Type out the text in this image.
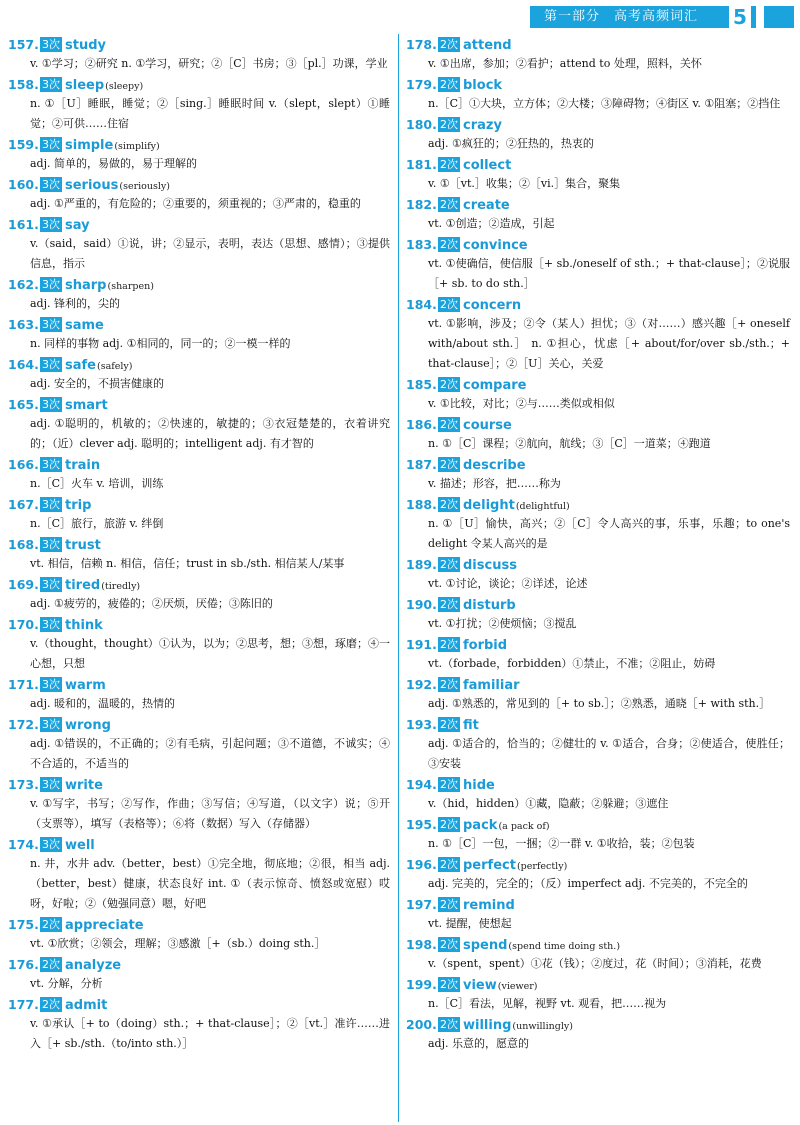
第一部分　高考高频词汇	5
157. 3次 study
v. ①学习；②研究 n. ①学习，研究；②［C］书房；③［pl.］功课，学业
158. 3次 sleep(sleepy)
n. ①［U］睡眠，睡觉；②［sing.］睡眠时间 v.（slept，slept）①睡觉；②可供……住宿
159. 3次 simple(simplify)
adj. 简单的，易做的，易于理解的
160. 3次 serious(seriously)
adj. ①严重的，有危险的；②重要的，须重视的；③严肃的，稳重的
161. 3次 say
v.（said，said）①说，讲；②显示，表明，表达（思想、感情）；③提供信息，指示
162. 3次 sharp(sharpen)
adj. 锋利的，尖的
163. 3次 same
n. 同样的事物 adj. ①相同的，同一的；②一模一样的
164. 3次 safe(safely)
adj. 安全的，不损害健康的
165. 3次 smart
adj. ①聪明的，机敏的；②快速的，敏捷的；③衣冠楚楚的，衣着讲究的；（近）clever adj. 聪明的；intelligent adj. 有才智的
166. 3次 train
n.［C］火车 v. 培训，训练
167. 3次 trip
n.［C］旅行，旅游 v. 绊倒
168. 3次 trust
vt. 相信，信赖 n. 相信，信任；trust in sb./sth. 相信某人/某事
169. 3次 tired(tiredly)
adj. ①疲劳的，疲倦的；②厌烦，厌倦；③陈旧的
170. 3次 think
v.（thought，thought）①认为，以为；②思考，想；③想，琢磨；④一心想，只想
171. 3次 warm
adj. 暖和的，温暖的，热情的
172. 3次 wrong
adj. ①错误的，不正确的；②有毛病，引起问题；③不道德，不诚实；④不合适的，不适当的
173. 3次 write
v. ①写字，书写；②写作，作曲；③写信；④写道，（以文字）说；⑤开（支票等），填写（表格等）；⑥将（数据）写入（存储器）
174. 3次 well
n. 井，水井 adv.（better，best）①完全地，彻底地；②很，相当 adj.（better，best）健康，状态良好 int. ①（表示惊奇、愤怒或宽慰）哎呀，好啦；②（勉强同意）嗯，好吧
175. 2次 appreciate
vt. ①欣赏；②领会，理解；③感激［+（sb.）doing sth.］
176. 2次 analyze
vt. 分解，分析
177. 2次 admit
v. ①承认［+ to（doing）sth.；+ that-clause］；②［vt.］准许……进入［+ sb./sth.（to/into sth.）］
178. 2次 attend
v. ①出席，参加；②看护；attend to 处理，照料，关怀
179. 2次 block
n.［C］①大块，立方体；②大楼；③障碍物；④街区 v. ①阻塞；②挡住
180. 2次 crazy
adj. ①疯狂的；②狂热的，热衷的
181. 2次 collect
v. ①［vt.］收集；②［vi.］集合，聚集
182. 2次 create
vt. ①创造；②造成，引起
183. 2次 convince
vt. ①使确信，使信服［+ sb./oneself of sth.；+ that-clause］；②说服［+ sb. to do sth.］
184. 2次 concern
vt. ①影响，涉及；②令（某人）担忧；③（对……）感兴趣［+ oneself with/about sth.］ n. ①担心，忧虑［+ about/for/over sb./sth.；+ that-clause］；②［U］关心，关爱
185. 2次 compare
v. ①比较，对比；②与……类似或相似
186. 2次 course
n. ①［C］课程；②航向，航线；③［C］一道菜；④跑道
187. 2次 describe
v. 描述；形容，把……称为
188. 2次 delight(delightful)
n. ①［U］愉快，高兴；②［C］令人高兴的事，乐事，乐趣；to one's delight 令某人高兴的是
189. 2次 discuss
vt. ①讨论，谈论；②详述，论述
190. 2次 disturb
vt. ①打扰；②使烦恼；③搅乱
191. 2次 forbid
vt.（forbade，forbidden）①禁止，不准；②阻止，妨碍
192. 2次 familiar
adj. ①熟悉的，常见到的［+ to sb.］；②熟悉，通晓［+ with sth.］
193. 2次 fit
adj. ①适合的，恰当的；②健壮的 v. ①适合，合身；②使适合，使胜任；③安装
194. 2次 hide
v.（hid，hidden）①藏，隐蔽；②躲避；③遮住
195. 2次 pack(a pack of)
n. ①［C］一包，一捆；②一群 v. ①收拾，装；②包装
196. 2次 perfect(perfectly)
adj. 完美的，完全的；（反）imperfect adj. 不完美的，不完全的
197. 2次 remind
vt. 提醒，使想起
198. 2次 spend(spend time doing sth.)
v.（spent，spent）①花（钱）；②度过，花（时间）；③消耗，花费
199. 2次 view(viewer)
n.［C］看法，见解，视野 vt. 观看，把……视为
200. 2次 willing(unwillingly)
adj. 乐意的，愿意的
